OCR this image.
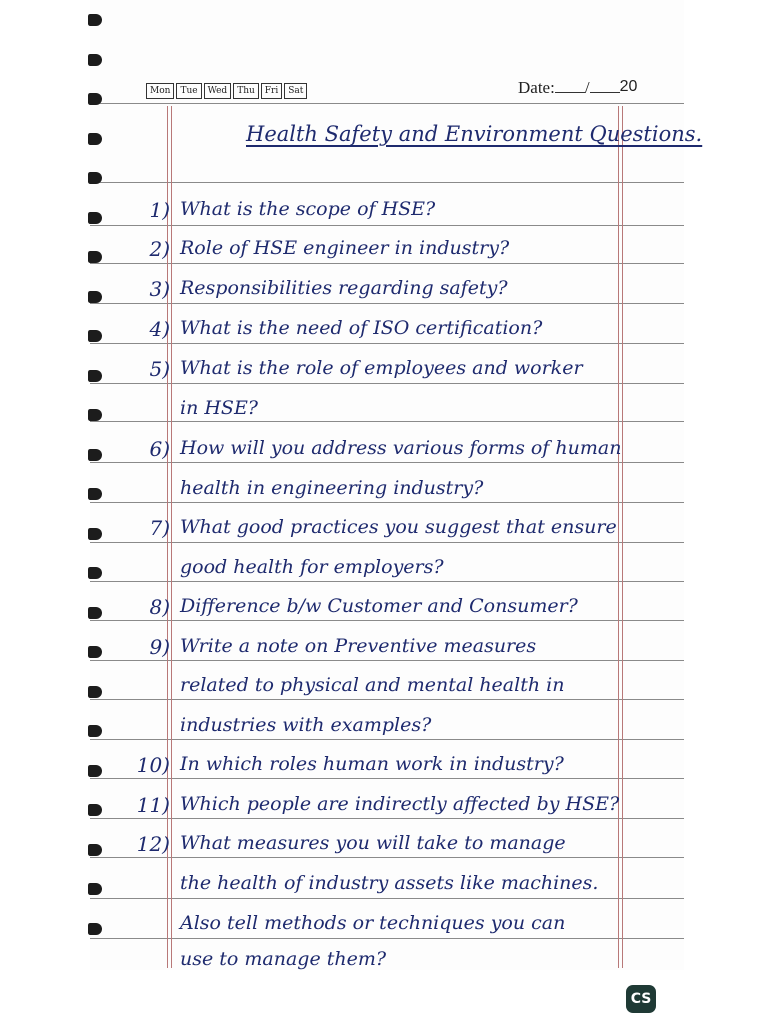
Mon	Tue	Wed	Thu	Fri	Sat	Date: / 20
Health Safety and Environment Questions.
1) What is the scope of HSE?
2) Role of HSE engineer in industry?
3) Responsibilities regarding safety?
4) What is the need of ISO certification?
5) What is the role of employees and worker
in HSE?
6) How will you address various forms of human
health in engineering industry?
7) What good practices you suggest that ensure
good health for employers?
8) Difference b/w Customer and Consumer?
9) Write a note on Preventive measures
related to physical and mental health in
industries with examples?
10) In which roles human work in industry?
11) Which people are indirectly affected by HSE?
12) What measures you will take to manage
the health of industry assets like machines.
Also tell methods or techniques you can
use to manage them?
CS
